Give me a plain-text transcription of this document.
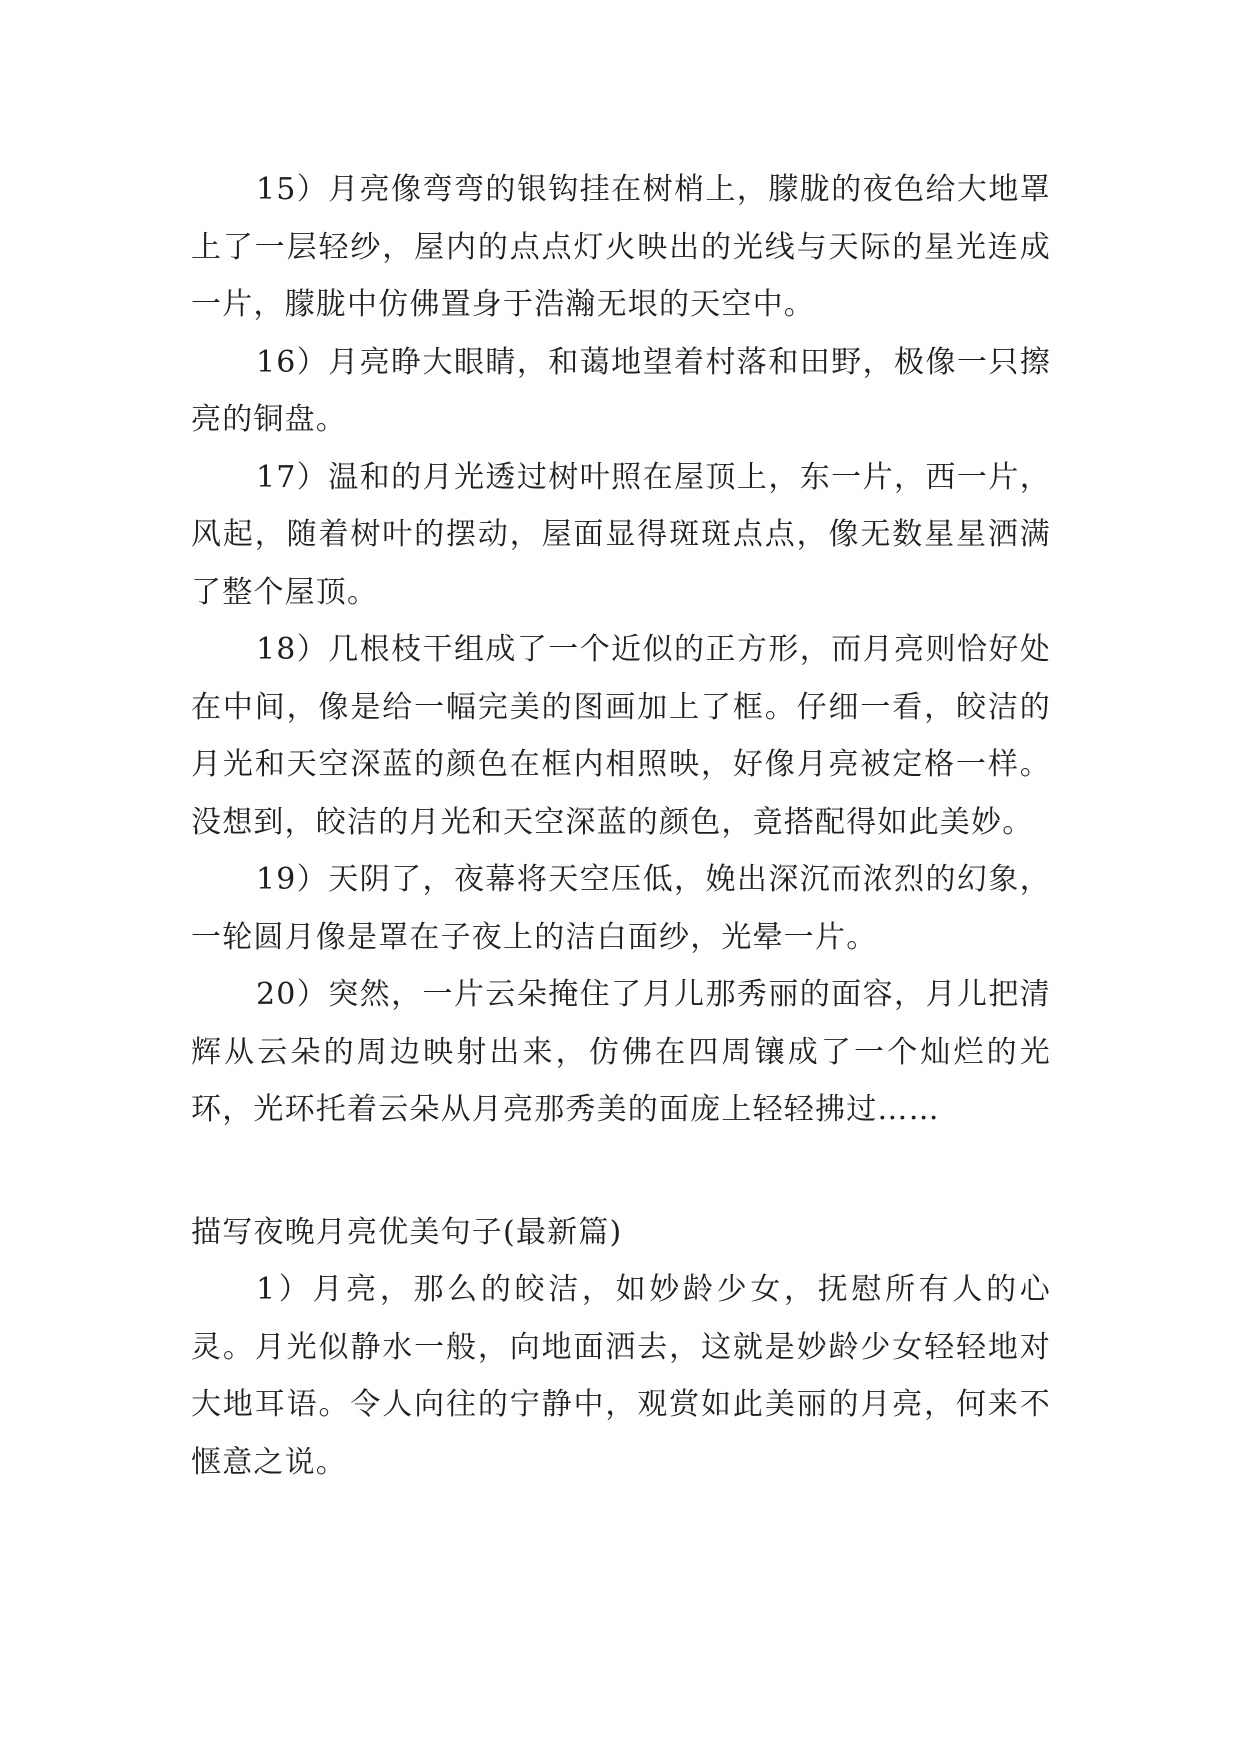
15）月亮像弯弯的银钩挂在树梢上，朦胧的夜色给大地罩上了一层轻纱，屋内的点点灯火映出的光线与天际的星光连成一片，朦胧中仿佛置身于浩瀚无垠的天空中。

16）月亮睁大眼睛，和蔼地望着村落和田野，极像一只擦亮的铜盘。

17）温和的月光透过树叶照在屋顶上，东一片，西一片，风起，随着树叶的摆动，屋面显得斑斑点点，像无数星星洒满了整个屋顶。

18）几根枝干组成了一个近似的正方形，而月亮则恰好处在中间，像是给一幅完美的图画加上了框。仔细一看，皎洁的月光和天空深蓝的颜色在框内相照映，好像月亮被定格一样。没想到，皎洁的月光和天空深蓝的颜色，竟搭配得如此美妙。

19）天阴了，夜幕将天空压低，娩出深沉而浓烈的幻象，一轮圆月像是罩在子夜上的洁白面纱，光晕一片。

20）突然，一片云朵掩住了月儿那秀丽的面容，月儿把清辉从云朵的周边映射出来，仿佛在四周镶成了一个灿烂的光环，光环托着云朵从月亮那秀美的面庞上轻轻拂过……

描写夜晚月亮优美句子(最新篇)

1）月亮，那么的皎洁，如妙龄少女，抚慰所有人的心灵。月光似静水一般，向地面洒去，这就是妙龄少女轻轻地对大地耳语。令人向往的宁静中，观赏如此美丽的月亮，何来不惬意之说。
